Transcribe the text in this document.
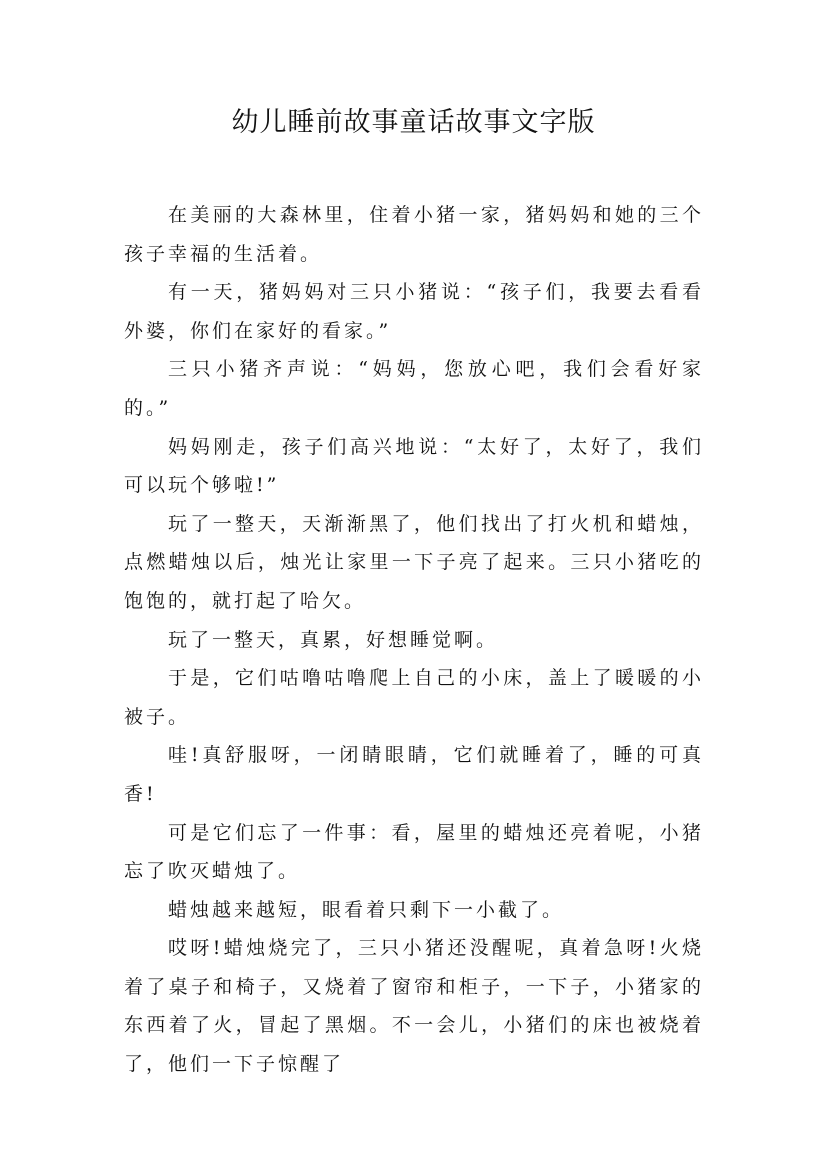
幼儿睡前故事童话故事文字版

在美丽的大森林里，住着小猪一家，猪妈妈和她的三个孩子幸福的生活着。

有一天，猪妈妈对三只小猪说：“孩子们，我要去看看外婆，你们在家好的看家。”

三只小猪齐声说：“妈妈，您放心吧，我们会看好家的。”

妈妈刚走，孩子们高兴地说：“太好了，太好了，我们可以玩个够啦!”

玩了一整天，天渐渐黑了，他们找出了打火机和蜡烛，点燃蜡烛以后，烛光让家里一下子亮了起来。三只小猪吃的饱饱的，就打起了哈欠。

玩了一整天，真累，好想睡觉啊。

于是，它们咕噜咕噜爬上自己的小床，盖上了暖暖的小被子。

哇!真舒服呀，一闭睛眼睛，它们就睡着了，睡的可真香!

可是它们忘了一件事：看，屋里的蜡烛还亮着呢，小猪忘了吹灭蜡烛了。

蜡烛越来越短，眼看着只剩下一小截了。

哎呀!蜡烛烧完了，三只小猪还没醒呢，真着急呀!火烧着了桌子和椅子，又烧着了窗帘和柜子，一下子，小猪家的东西着了火，冒起了黑烟。不一会儿，小猪们的床也被烧着了，他们一下子惊醒了
